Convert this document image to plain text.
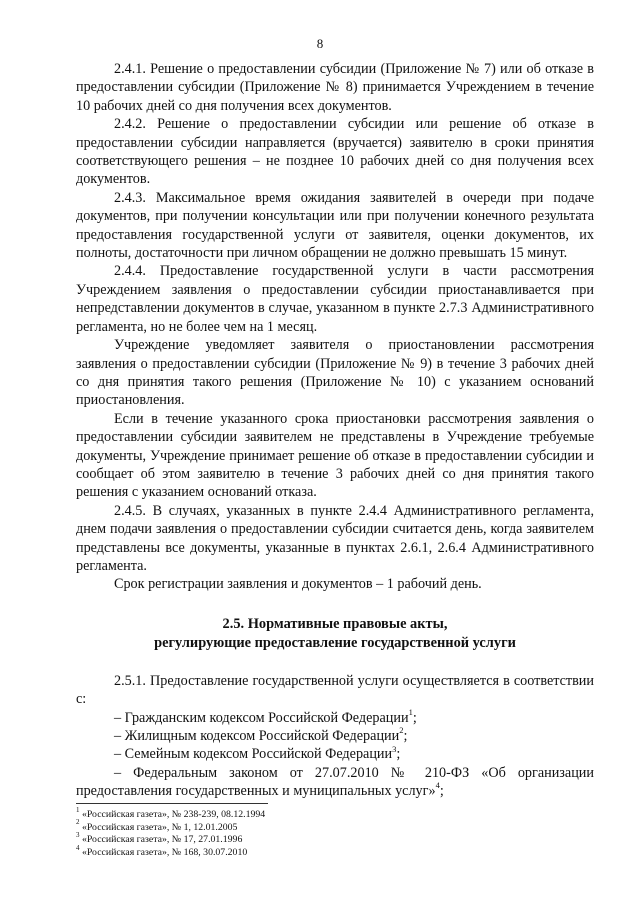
8

2.4.1. Решение о предоставлении субсидии (Приложение № 7) или об отказе в предоставлении субсидии (Приложение № 8) принимается Учреждением в течение 10 рабочих дней со дня получения всех документов.

2.4.2. Решение о предоставлении субсидии или решение об отказе в предоставлении субсидии направляется (вручается) заявителю в сроки принятия соответствующего решения – не позднее 10 рабочих дней со дня получения всех документов.

2.4.3. Максимальное время ожидания заявителей в очереди при подаче документов, при получении консультации или при получении конечного результата предоставления государственной услуги от заявителя, оценки документов, их полноты, достаточности при личном обращении не должно превышать 15 минут.

2.4.4. Предоставление государственной услуги в части рассмотрения Учреждением заявления о предоставлении субсидии приостанавливается при непредставлении документов в случае, указанном в пункте 2.7.3 Административного регламента, но не более чем на 1 месяц.

Учреждение уведомляет заявителя о приостановлении рассмотрения заявления о предоставлении субсидии (Приложение № 9) в течение 3 рабочих дней со дня принятия такого решения (Приложение № 10) с указанием оснований приостановления.

Если в течение указанного срока приостановки рассмотрения заявления о предоставлении субсидии заявителем не представлены в Учреждение требуемые документы, Учреждение принимает решение об отказе в предоставлении субсидии и сообщает об этом заявителю в течение 3 рабочих дней со дня принятия такого решения с указанием оснований отказа.

2.4.5. В случаях, указанных в пункте 2.4.4 Административного регламента, днем подачи заявления о предоставлении субсидии считается день, когда заявителем представлены все документы, указанные в пунктах 2.6.1, 2.6.4 Административного регламента.

Срок регистрации заявления и документов – 1 рабочий день.

2.5. Нормативные правовые акты,
регулирующие предоставление государственной услуги

2.5.1. Предоставление государственной услуги осуществляется в соответствии с:

– Гражданским кодексом Российской Федерации$^1$;

– Жилищным кодексом Российской Федерации$^2$;

– Семейным кодексом Российской Федерации$^3$;

– Федеральным законом от 27.07.2010 № 210-ФЗ «Об организации предоставления государственных и муниципальных услуг»$^4$;

$^1$ «Российская газета», № 238-239, 08.12.1994

$^2$ «Российская газета», № 1, 12.01.2005

$^3$ «Российская газета», № 17, 27.01.1996

$^4$ «Российская газета», № 168, 30.07.2010
